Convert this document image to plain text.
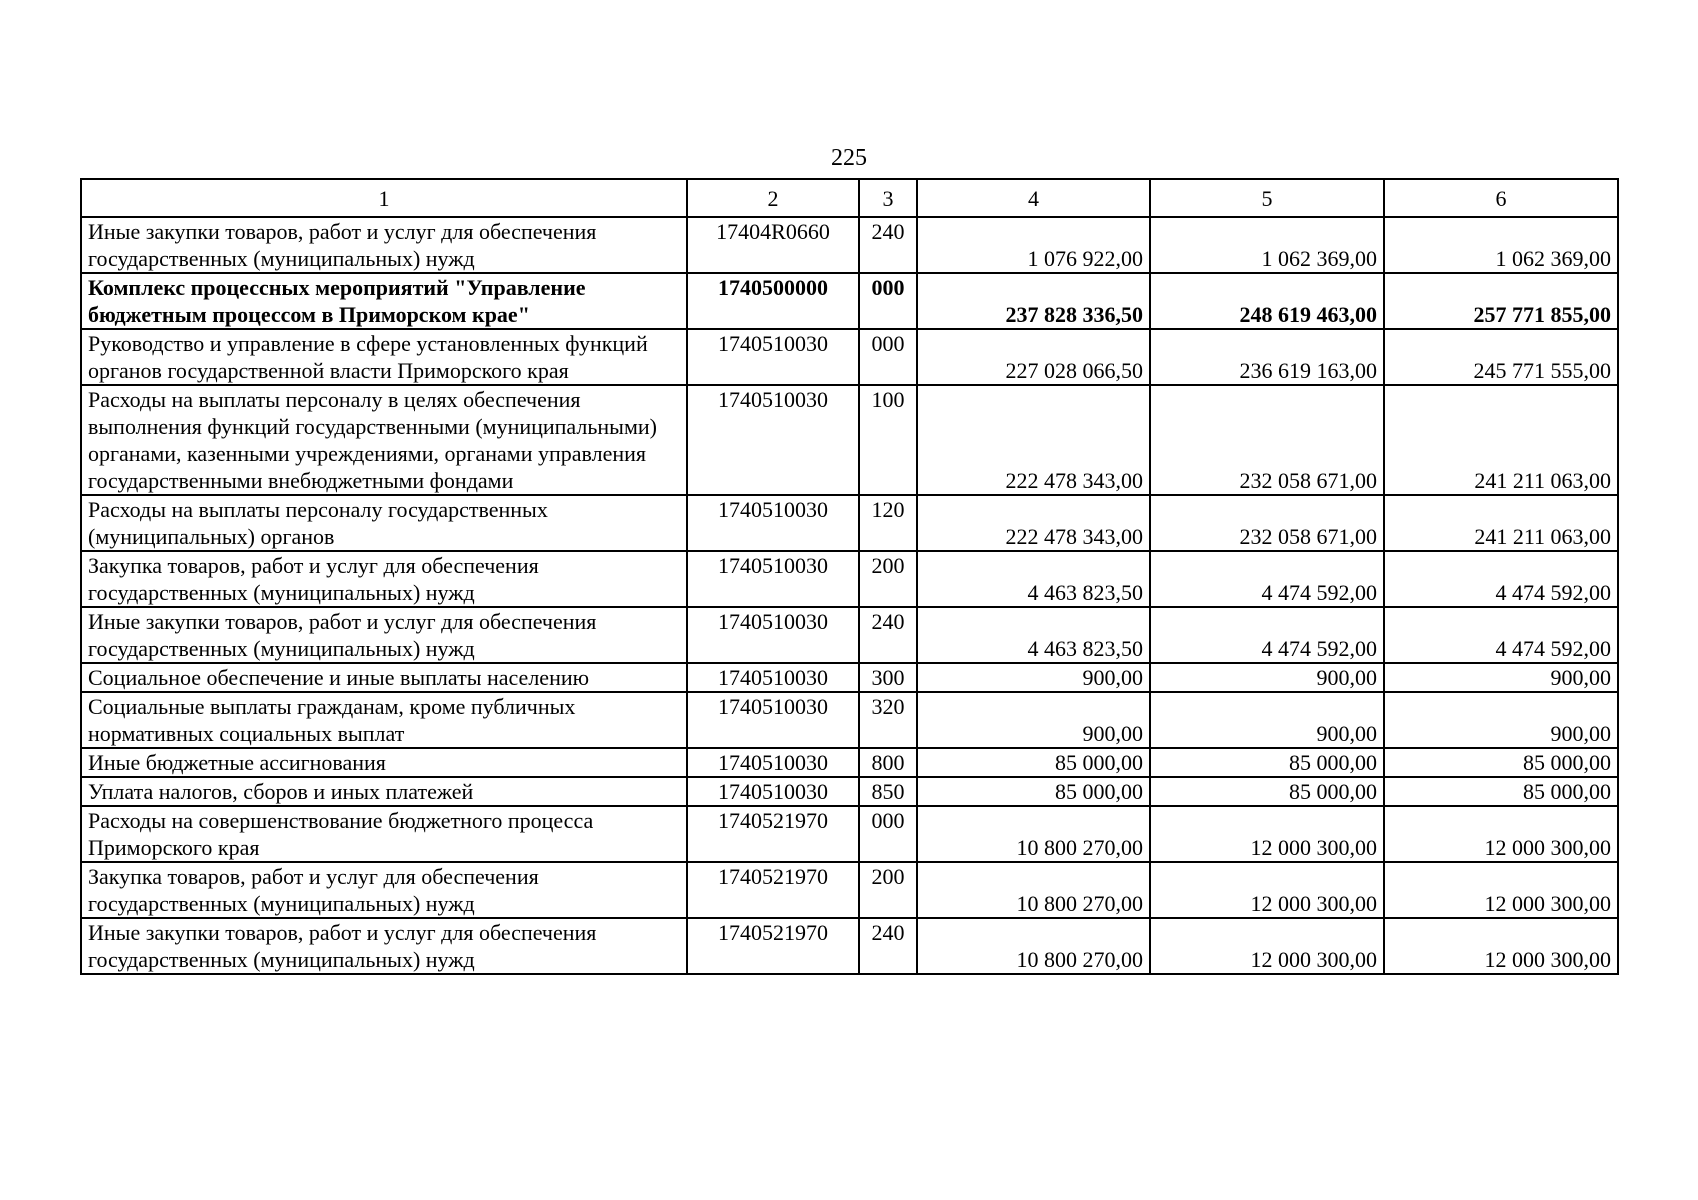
225
1	2	3	4	5	6
Иные закупки товаров, работ и услуг для обеспечения государственных (муниципальных) нужд	17404R0660	240	1 076 922,00	1 062 369,00	1 062 369,00
Комплекс процессных мероприятий "Управление бюджетным процессом в Приморском крае"	1740500000	000	237 828 336,50	248 619 463,00	257 771 855,00
Руководство и управление в сфере установленных функций органов государственной власти Приморского края	1740510030	000	227 028 066,50	236 619 163,00	245 771 555,00
Расходы на выплаты персоналу в целях обеспечения выполнения функций государственными (муниципальными) органами, казенными учреждениями, органами управления государственными внебюджетными фондами	1740510030	100	222 478 343,00	232 058 671,00	241 211 063,00
Расходы на выплаты персоналу государственных (муниципальных) органов	1740510030	120	222 478 343,00	232 058 671,00	241 211 063,00
Закупка товаров, работ и услуг для обеспечения государственных (муниципальных) нужд	1740510030	200	4 463 823,50	4 474 592,00	4 474 592,00
Иные закупки товаров, работ и услуг для обеспечения государственных (муниципальных) нужд	1740510030	240	4 463 823,50	4 474 592,00	4 474 592,00
Социальное обеспечение и иные выплаты населению	1740510030	300	900,00	900,00	900,00
Социальные выплаты гражданам, кроме публичных нормативных социальных выплат	1740510030	320	900,00	900,00	900,00
Иные бюджетные ассигнования	1740510030	800	85 000,00	85 000,00	85 000,00
Уплата налогов, сборов и иных платежей	1740510030	850	85 000,00	85 000,00	85 000,00
Расходы на совершенствование бюджетного процесса Приморского края	1740521970	000	10 800 270,00	12 000 300,00	12 000 300,00
Закупка товаров, работ и услуг для обеспечения государственных (муниципальных) нужд	1740521970	200	10 800 270,00	12 000 300,00	12 000 300,00
Иные закупки товаров, работ и услуг для обеспечения государственных (муниципальных) нужд	1740521970	240	10 800 270,00	12 000 300,00	12 000 300,00
